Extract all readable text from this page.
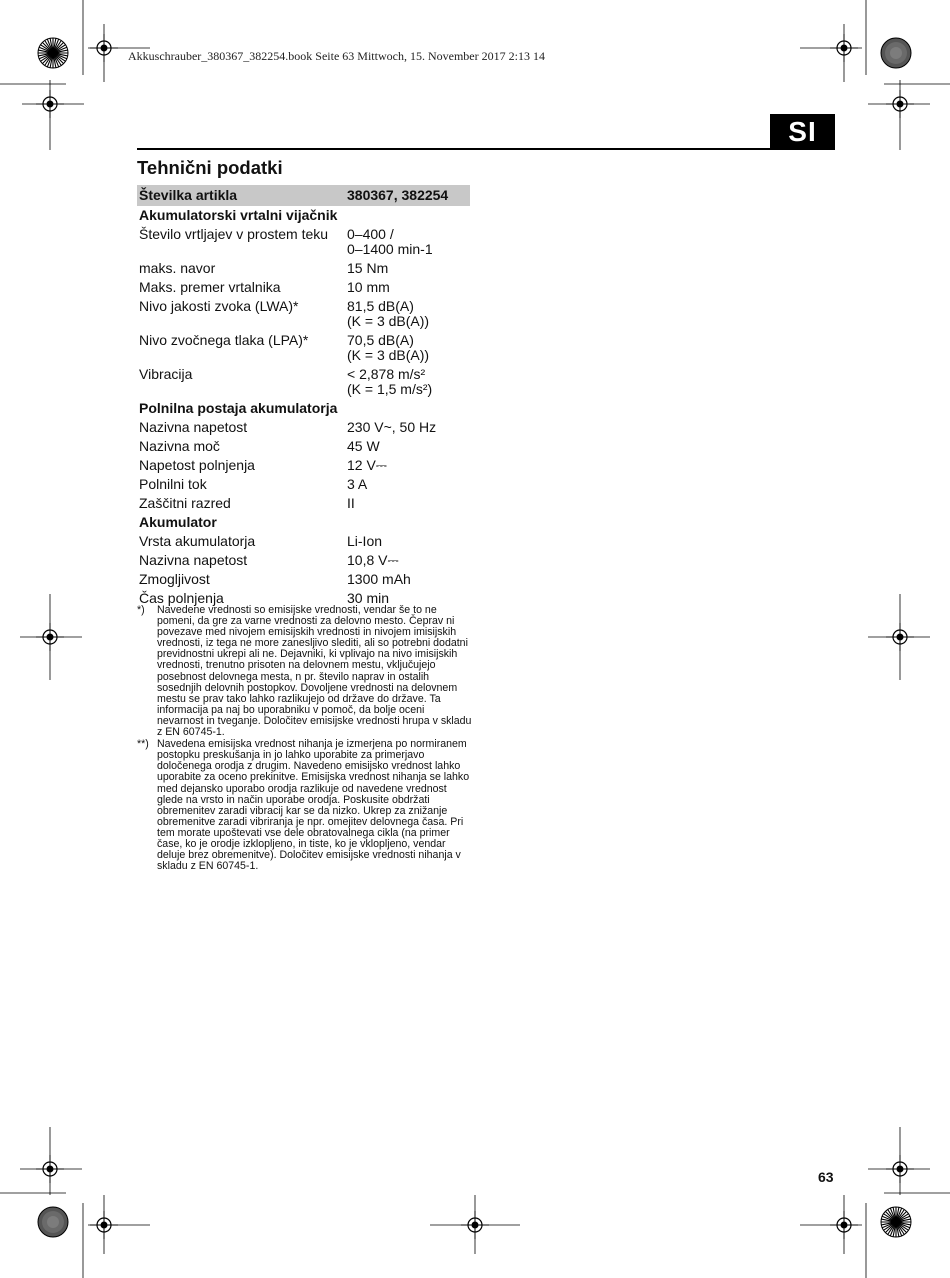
Akkuschrauber_380367_382254.book Seite 63 Mittwoch, 15. November 2017 2:13 14
SI
Tehnični podatki
Številka artikla	380367, 382254
Akumulatorski vrtalni vijačnik	
Število vrtljajev v prostem teku	0–400 /
0–1400 min-1

maks. navor	15 Nm

Maks. premer vrtalnika	10 mm

Nivo jakosti zvoka (LWA)*	81,5 dB(A)
(K = 3 dB(A))

Nivo zvočnega tlaka (LPA)*	70,5 dB(A)
(K = 3 dB(A))

Vibracija	< 2,878 m/s²
(K = 1,5 m/s²)

Polnilna postaja akumulatorja	
Nazivna napetost	230 V~, 50 Hz

Nazivna moč	45 W

Napetost polnjenja	12 V⎓

Polnilni tok	3 A

Zaščitni razred	II

Akumulator	
Vrsta akumulatorja	Li-Ion

Nazivna napetost	10,8 V⎓

Zmogljivost	1300 mAh

Čas polnjenja	30 min
*)	Navedene vrednosti so emisijske vrednosti, vendar še to ne pomeni, da gre za varne vrednosti za delovno mesto. Čeprav ni povezave med nivojem emisijskih vrednosti in nivojem imisijskih vrednosti, iz tega ne more zanesljivo slediti, ali so potrebni dodatni previdnostni ukrepi ali ne. Dejavniki, ki vplivajo na nivo imisijskih vrednosti, trenutno prisoten na delovnem mestu, vključujejo posebnost delovnega mesta, n pr. število naprav in ostalih sosednjih delovnih postopkov. Dovoljene vrednosti na delovnem mestu se prav tako lahko razlikujejo od države do države. Ta informacija pa naj bo uporabniku v pomoč, da bolje oceni nevarnost in tveganje. Določitev emisijske vrednosti hrupa v skladu z EN 60745-1.
**) Navedena emisijska vrednost nihanja je izmerjena po normiranem postopku preskušanja in jo lahko uporabite za primerjavo določenega orodja z drugim. Navedeno emisijsko vrednost lahko uporabite za oceno prekinitve. Emisijska vrednost nihanja se lahko med dejansko uporabo orodja razlikuje od navedene vrednost glede na vrsto in način uporabe orodja. Poskusite obdržati obremenitev zaradi vibracij kar se da nizko. Ukrep za znižanje obremenitve zaradi vibriranja je npr. omejitev delovnega časa. Pri tem morate upoštevati vse dele obratovalnega cikla (na primer čase, ko je orodje izklopljeno, in tiste, ko je vklopljeno, vendar deluje brez obremenitve). Določitev emisijske vrednosti nihanja v skladu z EN 60745-1.
63
